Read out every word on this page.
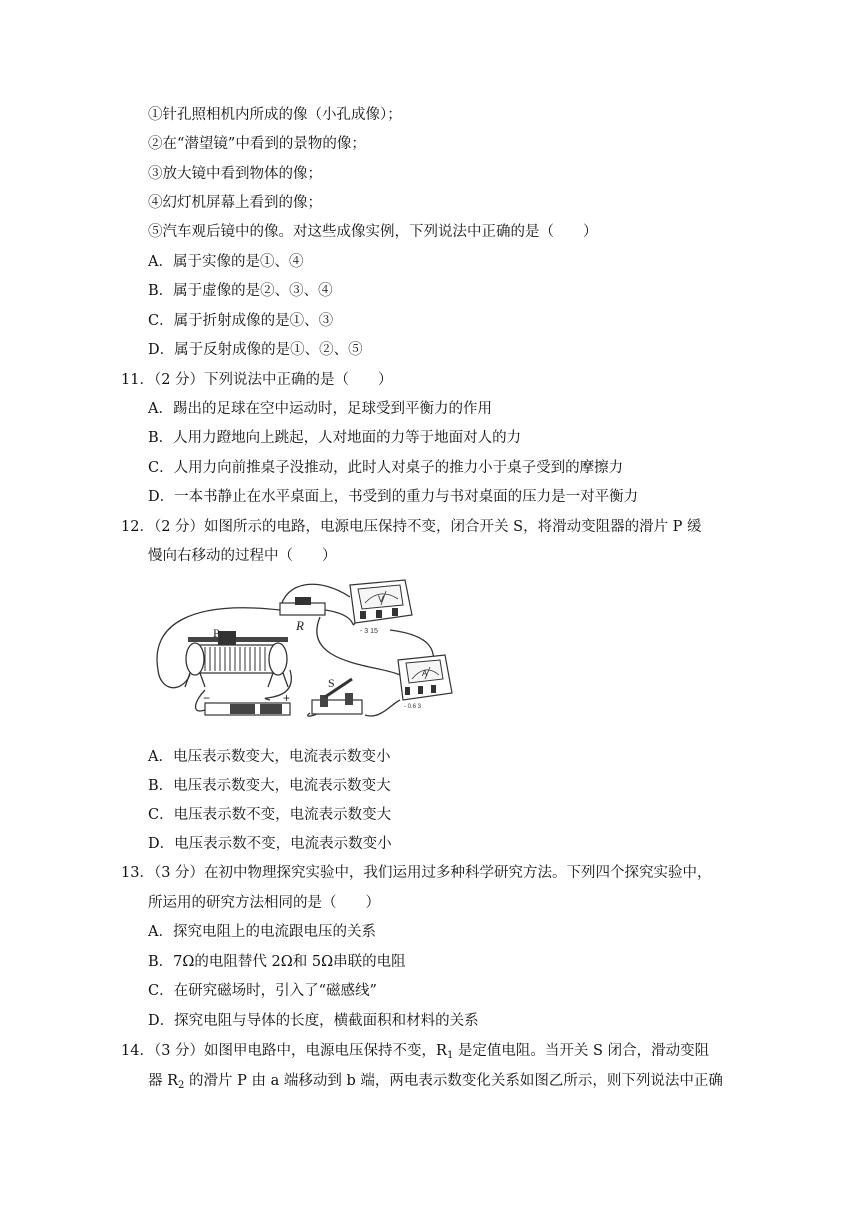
①针孔照相机内所成的像（小孔成像）；
②在“潜望镜”中看到的景物的像；
③放大镜中看到物体的像；
④幻灯机屏幕上看到的像；
⑤汽车观后镜中的像。对这些成像实例，下列说法中正确的是（　　）
A．属于实像的是①、④
B．属于虚像的是②、③、④
C．属于折射成像的是①、③
D．属于反射成像的是①、②、⑤
11．（2 分）下列说法中正确的是（　　）
A．踢出的足球在空中运动时，足球受到平衡力的作用
B．人用力蹬地向上跳起，人对地面的力等于地面对人的力
C．人用力向前推桌子没推动，此时人对桌子的推力小于桌子受到的摩擦力
D．一本书静止在水平桌面上，书受到的重力与书对桌面的压力是一对平衡力
12．（2 分）如图所示的电路，电源电压保持不变，闭合开关 S，将滑动变阻器的滑片 P 缓
慢向右移动的过程中（　　）
R
V
- 3 15
A
- 0.6 3
P
−	+
S
A．电压表示数变大，电流表示数变小
B．电压表示数变大，电流表示数变大
C．电压表示数不变，电流表示数变大
D．电压表示数不变，电流表示数变小
13．（3 分）在初中物理探究实验中，我们运用过多种科学研究方法。下列四个探究实验中，
所运用的研究方法相同的是（　　）
A．探究电阻上的电流跟电压的关系
B．7Ω的电阻替代 2Ω和 5Ω串联的电阻
C．在研究磁场时，引入了“磁感线”
D．探究电阻与导体的长度，横截面积和材料的关系
14．（3 分）如图甲电路中，电源电压保持不变，$R_1$ 是定值电阻。当开关 S 闭合，滑动变阻
器 $R_2$ 的滑片 P 由 a 端移动到 b 端，两电表示数变化关系如图乙所示，则下列说法中正确
